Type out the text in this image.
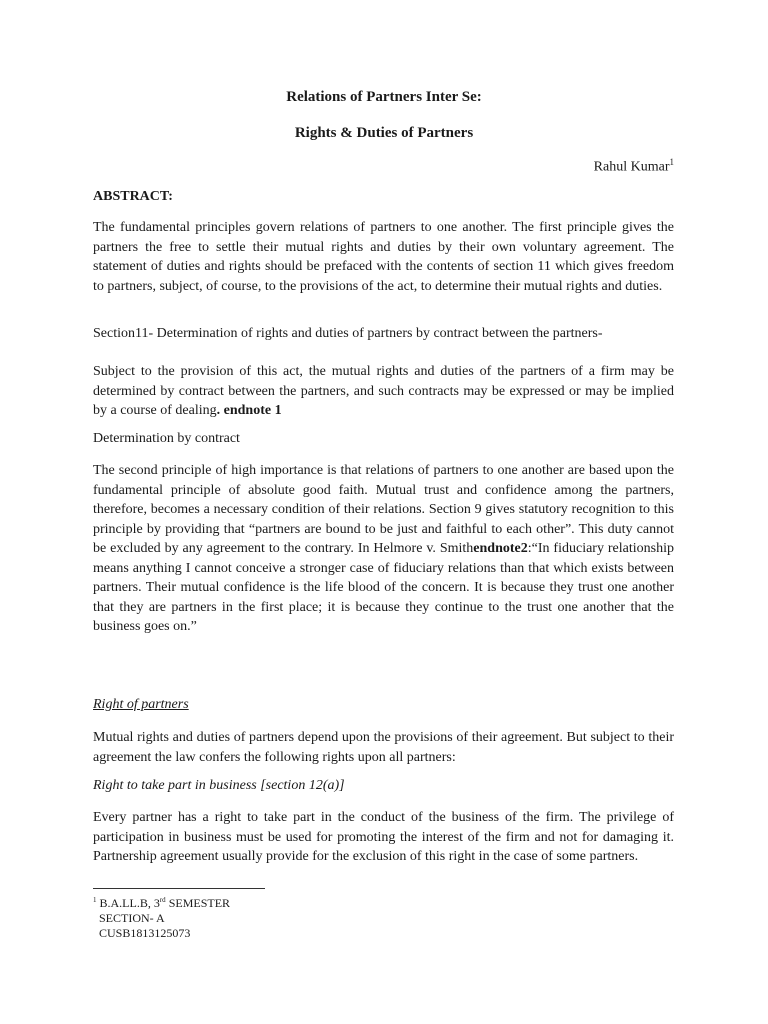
Relations of Partners Inter Se:
Rights & Duties of Partners
Rahul Kumar$^1$
ABSTRACT:
The fundamental principles govern relations of partners to one another. The first principle gives the partners the free to settle their mutual rights and duties by their own voluntary agreement. The statement of duties and rights should be prefaced with the contents of section 11 which gives freedom to partners, subject, of course, to the provisions of the act, to determine their mutual rights and duties.
Section11- Determination of rights and duties of partners by contract between the partners-
Subject to the provision of this act, the mutual rights and duties of the partners of a firm may be determined by contract between the partners, and such contracts may be expressed or may be implied by a course of dealing. endnote 1
Determination by contract
The second principle of high importance is that relations of partners to one another are based upon the fundamental principle of absolute good faith. Mutual trust and confidence among the partners, therefore, becomes a necessary condition of their relations. Section 9 gives statutory recognition to this principle by providing that “partners are bound to be just and faithful to each other”. This duty cannot be excluded by any agreement to the contrary. In Helmore v. Smithendnote2:“In fiduciary relationship means anything I cannot conceive a stronger case of fiduciary relations than that which exists between partners. Their mutual confidence is the life blood of the concern. It is because they trust one another that they are partners in the first place; it is because they continue to the trust one another that the business goes on.”
Right of partners
Mutual rights and duties of partners depend upon the provisions of their agreement. But subject to their agreement the law confers the following rights upon all partners:
Right to take part in business [section 12(a)]
Every partner has a right to take part in the conduct of the business of the firm. The privilege of participation in business must be used for promoting the interest of the firm and not for damaging it. Partnership agreement usually provide for the exclusion of this right in the case of some partners.
$^1$ B.A.LL.B, 3rd SEMESTER
SECTION- A
CUSB1813125073
